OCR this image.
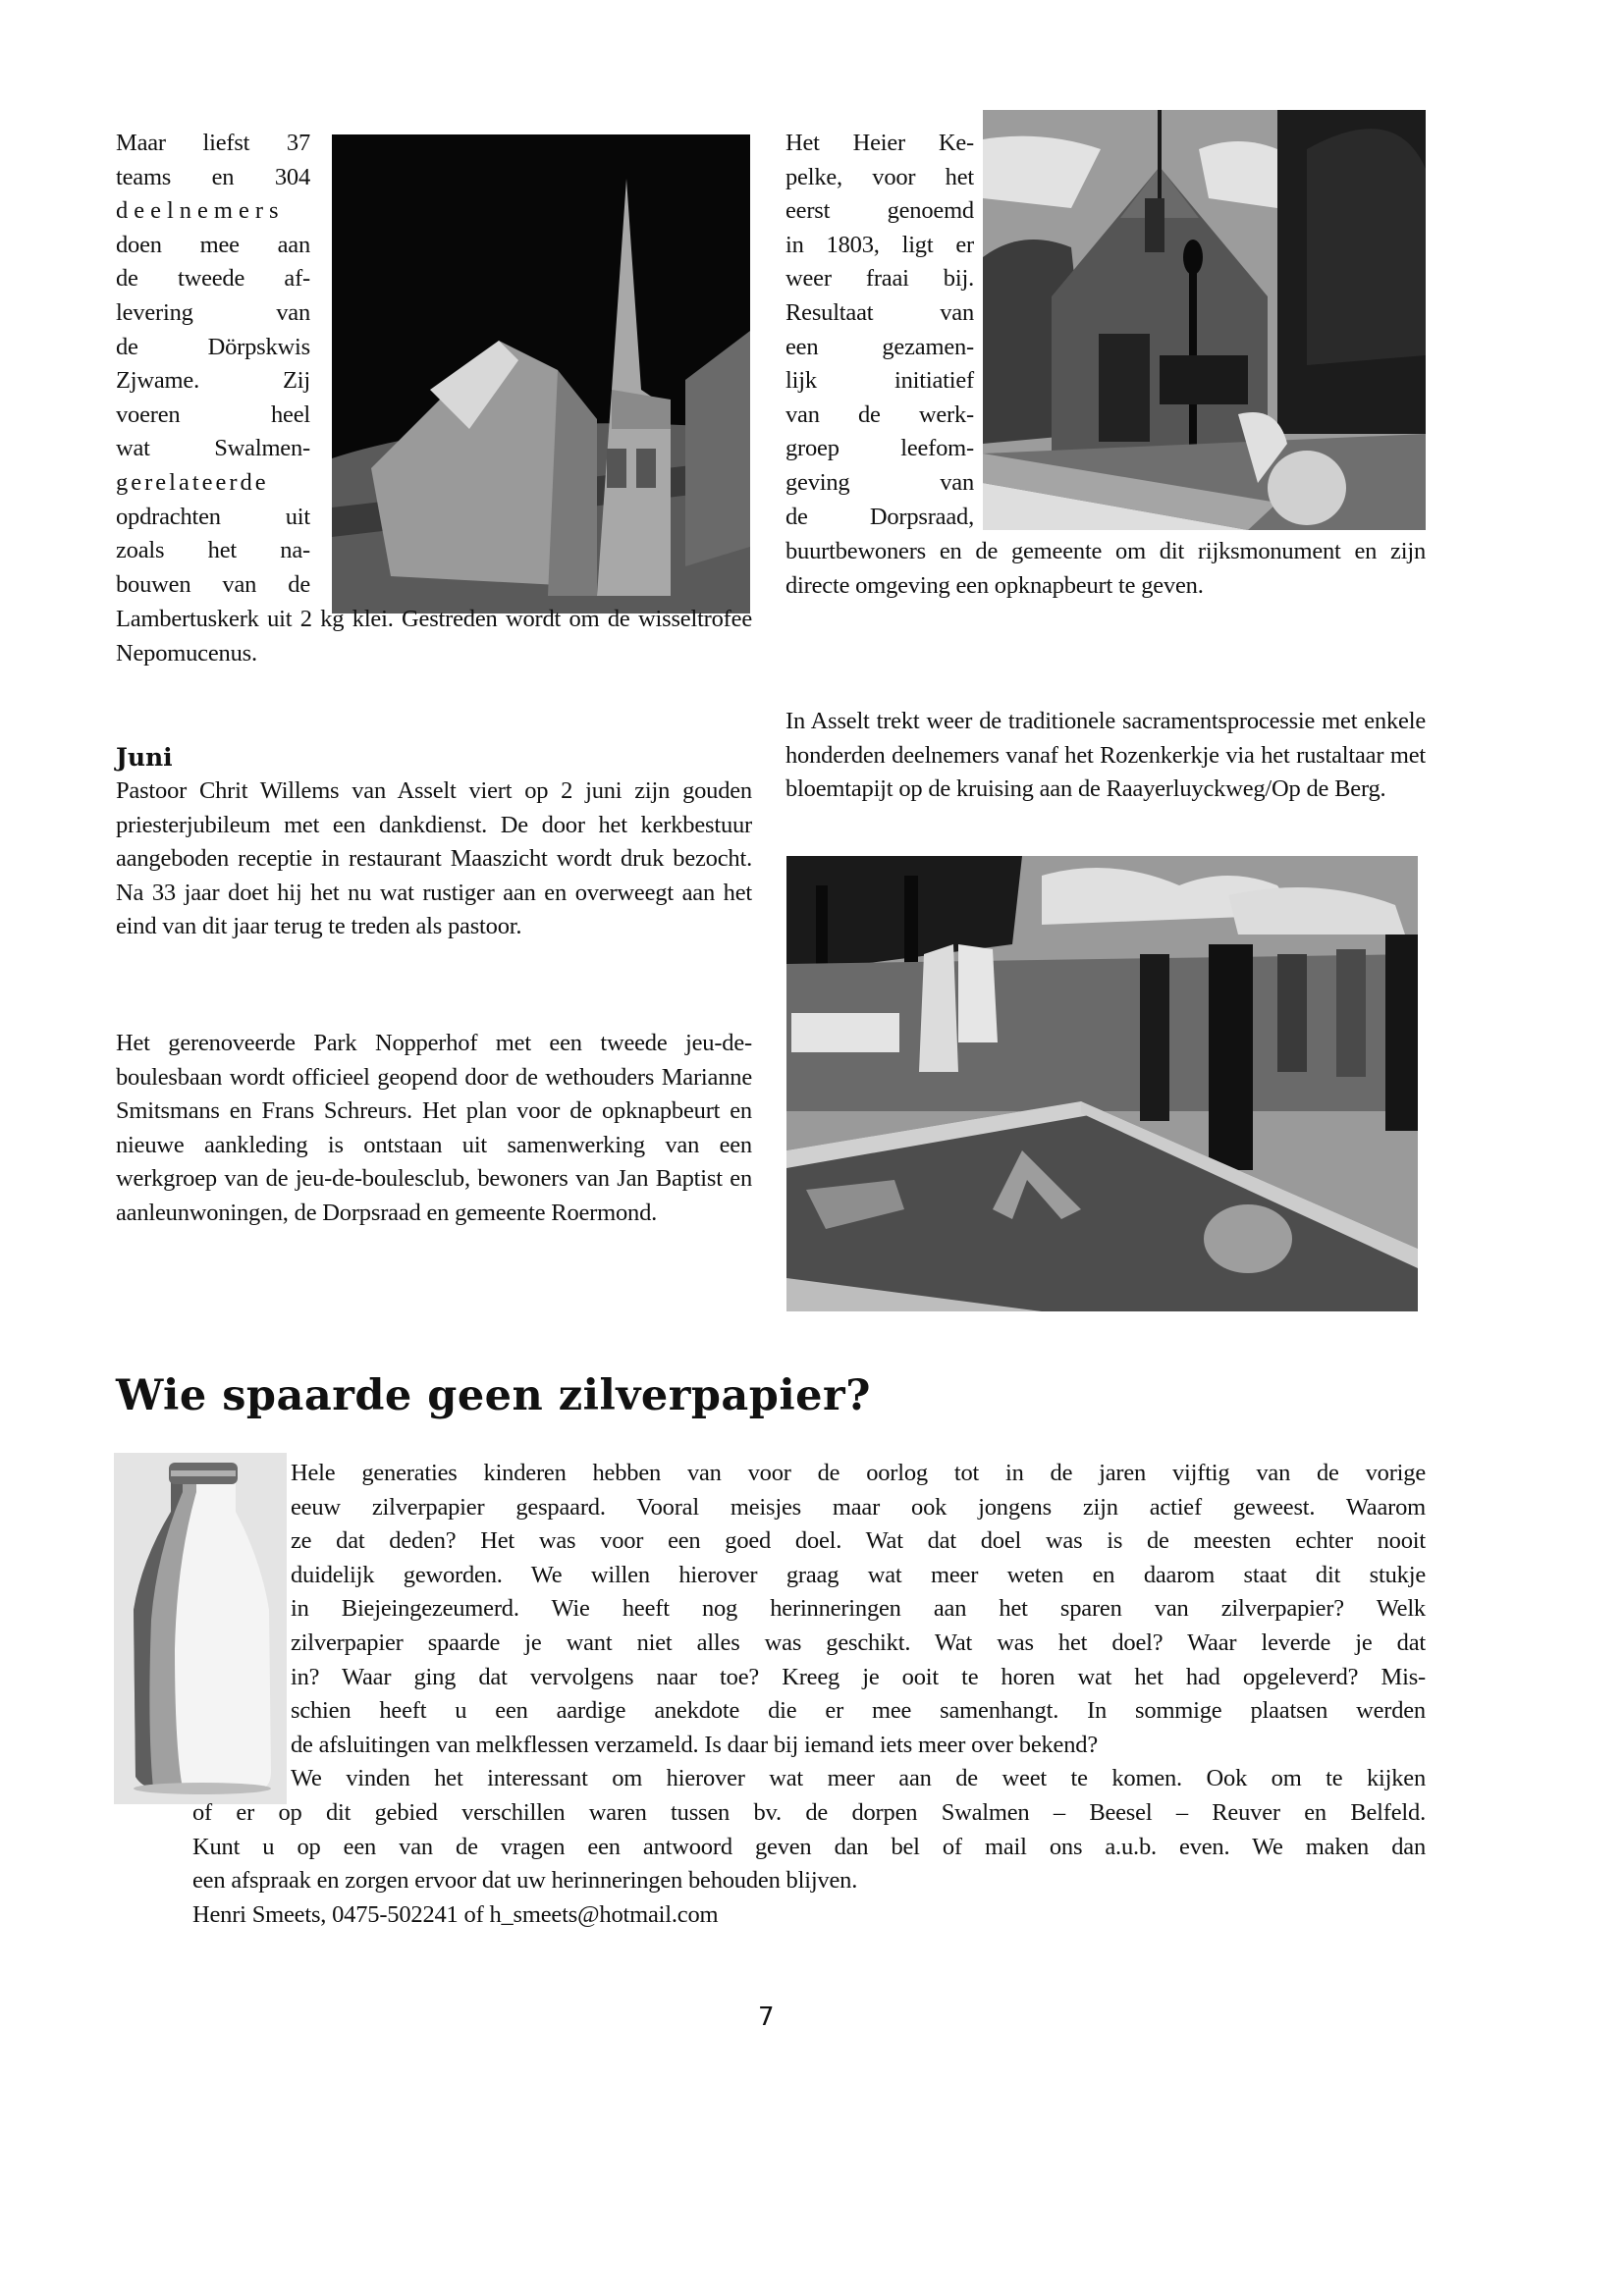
Maar liefst 37
teams en 304
deelnemers
doen mee aan
de tweede af-
levering van
de Dörpskwis
Zjwame. Zij
voeren heel
wat Swalmen-
gerelateerde
opdrachten uit
zoals het na-
bouwen van de

Lambertuskerk uit 2 kg klei. Gestreden wordt om de wisseltrofee Nepomucenus.

Juni

Pastoor Chrit Willems van Asselt viert op 2 juni zijn gouden priesterjubileum met een dankdienst. De door het kerkbestuur aangeboden receptie in restaurant Maaszicht wordt druk bezocht. Na 33 jaar doet hij het nu wat rustiger aan en overweegt aan het eind van dit jaar terug te treden als pastoor.

Het gerenoveerde Park Nopperhof met een tweede jeu-de-boulesbaan wordt officieel geopend door de wethouders Marianne Smitsmans en Frans Schreurs. Het plan voor de opknapbeurt en nieuwe aankleding is ontstaan uit samenwerking van een werkgroep van de jeu-de-boulesclub, bewoners van Jan Baptist en aanleunwoningen, de Dorpsraad en gemeente Roermond.

Het Heier Ke-
pelke, voor het
eerst genoemd
in 1803, ligt er
weer fraai bij.
Resultaat van
een gezamen-
lijk initiatief
van de werk-
groep leefom-
geving van
de Dorpsraad,

buurtbewoners en de gemeente om dit rijksmonument en zijn directe omgeving een opknapbeurt te geven.

In Asselt trekt weer de traditionele sacramentsprocessie met enkele honderden deelnemers vanaf het Rozenkerkje via het rustaltaar met bloemtapijt op de kruising aan de Raayerluyckweg/Op de Berg.

Wie spaarde geen zilverpapier?
Hele generaties kinderen hebben van voor de oorlog tot in de jaren vijftig van de vorige
eeuw zilverpapier gespaard. Vooral meisjes maar ook jongens zijn actief geweest. Waarom
ze dat deden? Het was voor een goed doel. Wat dat doel was is de meesten echter nooit
duidelijk geworden. We willen hierover graag wat meer weten en daarom staat dit stukje
in Biejeingezeumerd. Wie heeft nog herinneringen aan het sparen van zilverpapier? Welk
zilverpapier spaarde je want niet alles was geschikt. Wat was het doel? Waar leverde je dat
in? Waar ging dat vervolgens naar toe? Kreeg je ooit te horen wat het had opgeleverd? Mis-
schien heeft u een aardige anekdote die er mee samenhangt. In sommige plaatsen werden
de afsluitingen van melkflessen verzameld. Is daar bij iemand iets meer over bekend?
We vinden het interessant om hierover wat meer aan de weet te komen. Ook om te kijken
of er op dit gebied verschillen waren tussen bv. de dorpen Swalmen – Beesel – Reuver en Belfeld.
Kunt u op een van de vragen een antwoord geven dan bel of mail ons a.u.b. even. We maken dan
een afspraak en zorgen ervoor dat uw herinneringen behouden blijven.
Henri Smeets, 0475-502241 of h_smeets@hotmail.com
7
